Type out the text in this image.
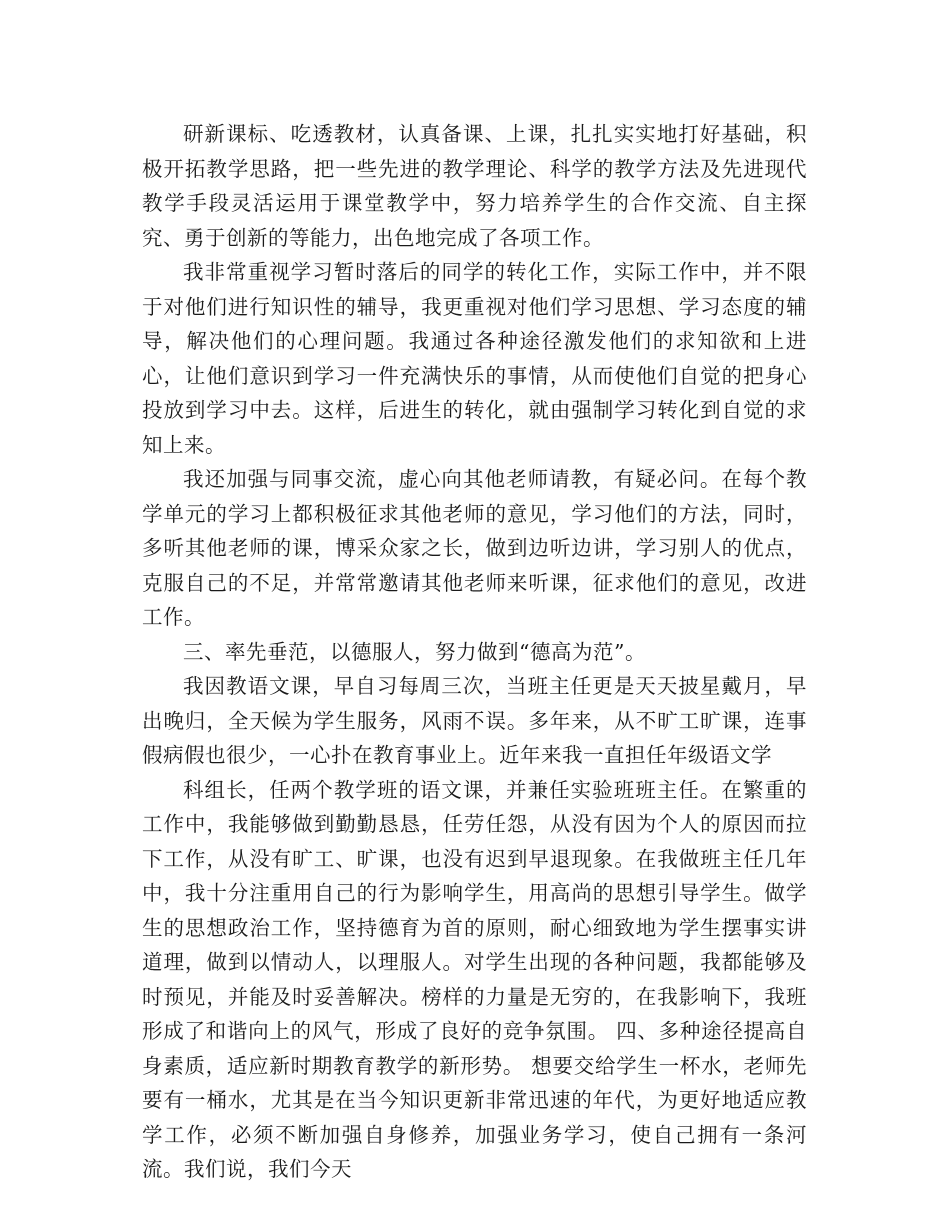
研新课标、吃透教材，认真备课、上课，扎扎实实地打好基础，积极开拓教学思路，把一些先进的教学理论、科学的教学方法及先进现代教学手段灵活运用于课堂教学中，努力培养学生的合作交流、自主探究、勇于创新的等能力，出色地完成了各项工作。

我非常重视学习暂时落后的同学的转化工作，实际工作中，并不限于对他们进行知识性的辅导，我更重视对他们学习思想、学习态度的辅导，解决他们的心理问题。我通过各种途径激发他们的求知欲和上进心，让他们意识到学习一件充满快乐的事情，从而使他们自觉的把身心投放到学习中去。这样，后进生的转化，就由强制学习转化到自觉的求知上来。

我还加强与同事交流，虚心向其他老师请教，有疑必问。在每个教学单元的学习上都积极征求其他老师的意见，学习他们的方法，同时，多听其他老师的课，博采众家之长，做到边听边讲，学习别人的优点，克服自己的不足，并常常邀请其他老师来听课，征求他们的意见，改进工作。

三、率先垂范，以德服人，努力做到“德高为范”。

我因教语文课，早自习每周三次，当班主任更是天天披星戴月，早出晚归，全天候为学生服务，风雨不误。多年来，从不旷工旷课，连事假病假也很少，一心扑在教育事业上。近年来我一直担任年级语文学

科组长，任两个教学班的语文课，并兼任实验班班主任。在繁重的工作中，我能够做到勤勤恳恳，任劳任怨，从没有因为个人的原因而拉下工作，从没有旷工、旷课，也没有迟到早退现象。在我做班主任几年中，我十分注重用自己的行为影响学生，用高尚的思想引导学生。做学生的思想政治工作，坚持德育为首的原则，耐心细致地为学生摆事实讲道理，做到以情动人，以理服人。对学生出现的各种问题，我都能够及时预见，并能及时妥善解决。榜样的力量是无穷的，在我影响下，我班形成了和谐向上的风气，形成了良好的竞争氛围。 四、多种途径提高自身素质，适应新时期教育教学的新形势。 想要交给学生一杯水，老师先要有一桶水，尤其是在当今知识更新非常迅速的年代，为更好地适应教学工作，必须不断加强自身修养，加强业务学习，使自己拥有一条河流。我们说，我们今天
